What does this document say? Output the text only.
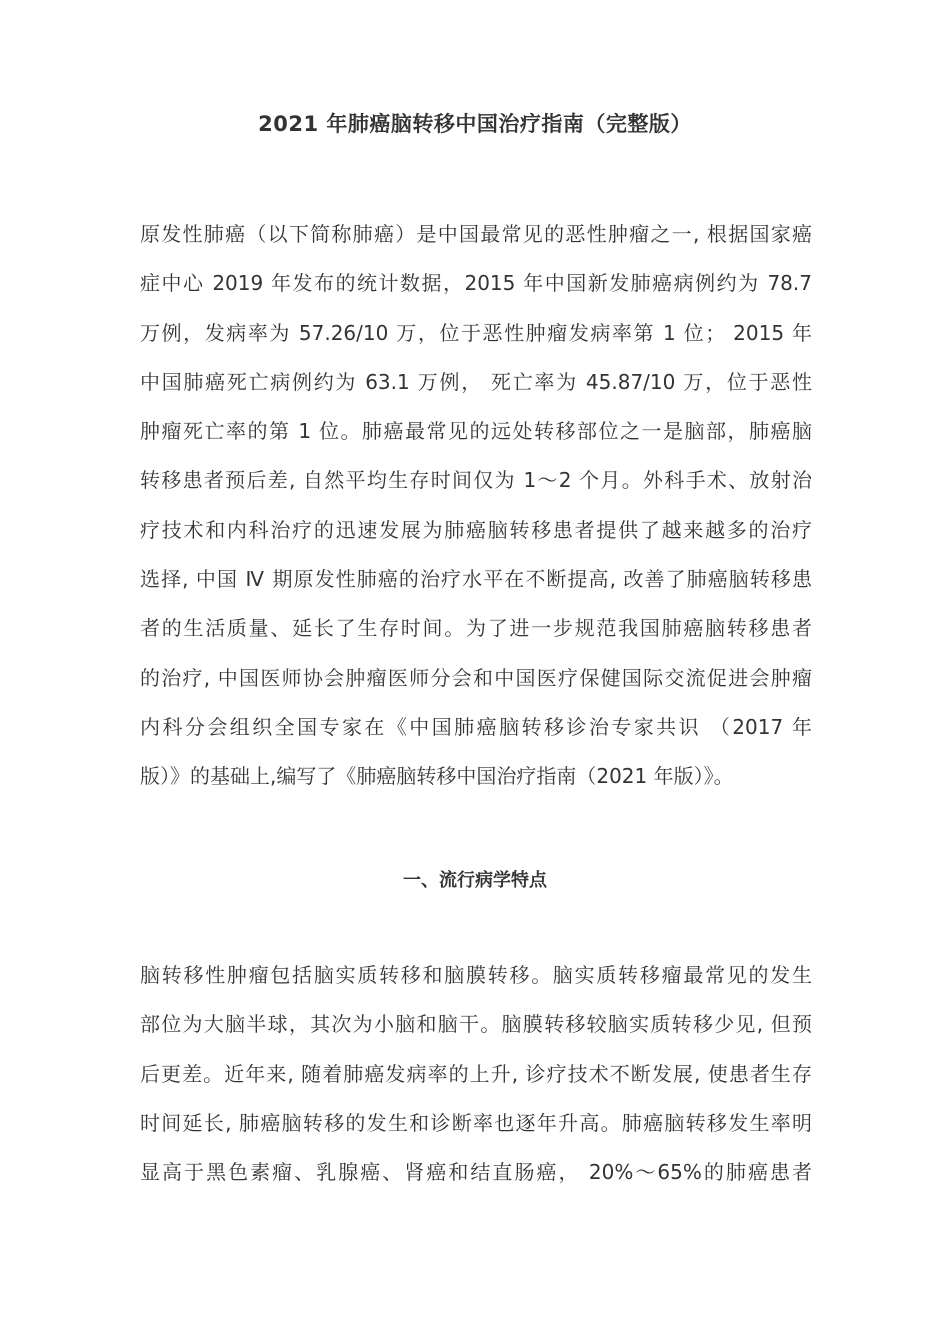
2021 年肺癌脑转移中国治疗指南（完整版）
原发性肺癌（以下简称肺癌）是中国最常见的恶性肿瘤之一, 根据国家癌
症中心 2019 年发布的统计数据，2015 年中国新发肺癌病例约为 78.7
万例，发病率为 57.26/10 万，位于恶性肿瘤发病率第 1 位； 2015 年
中国肺癌死亡病例约为 63.1 万例， 死亡率为 45.87/10 万，位于恶性
肿瘤死亡率的第 1 位。肺癌最常见的远处转移部位之一是脑部，肺癌脑
转移患者预后差, 自然平均生存时间仅为 1～2 个月。外科手术、放射治
疗技术和内科治疗的迅速发展为肺癌脑转移患者提供了越来越多的治疗
选择, 中国 Ⅳ 期原发性肺癌的治疗水平在不断提高, 改善了肺癌脑转移患
者的生活质量、延长了生存时间。为了进一步规范我国肺癌脑转移患者
的治疗, 中国医师协会肿瘤医师分会和中国医疗保健国际交流促进会肿瘤
内科分会组织全国专家在《中国肺癌脑转移诊治专家共识 （2017 年
版）》的基础上,编写了《肺癌脑转移中国治疗指南（2021 年版）》。
一、流行病学特点
脑转移性肿瘤包括脑实质转移和脑膜转移。脑实质转移瘤最常见的发生
部位为大脑半球，其次为小脑和脑干。脑膜转移较脑实质转移少见, 但预
后更差。近年来, 随着肺癌发病率的上升, 诊疗技术不断发展, 使患者生存
时间延长, 肺癌脑转移的发生和诊断率也逐年升高。肺癌脑转移发生率明
显高于黑色素瘤、乳腺癌、肾癌和结直肠癌， 20%～65%的肺癌患者
